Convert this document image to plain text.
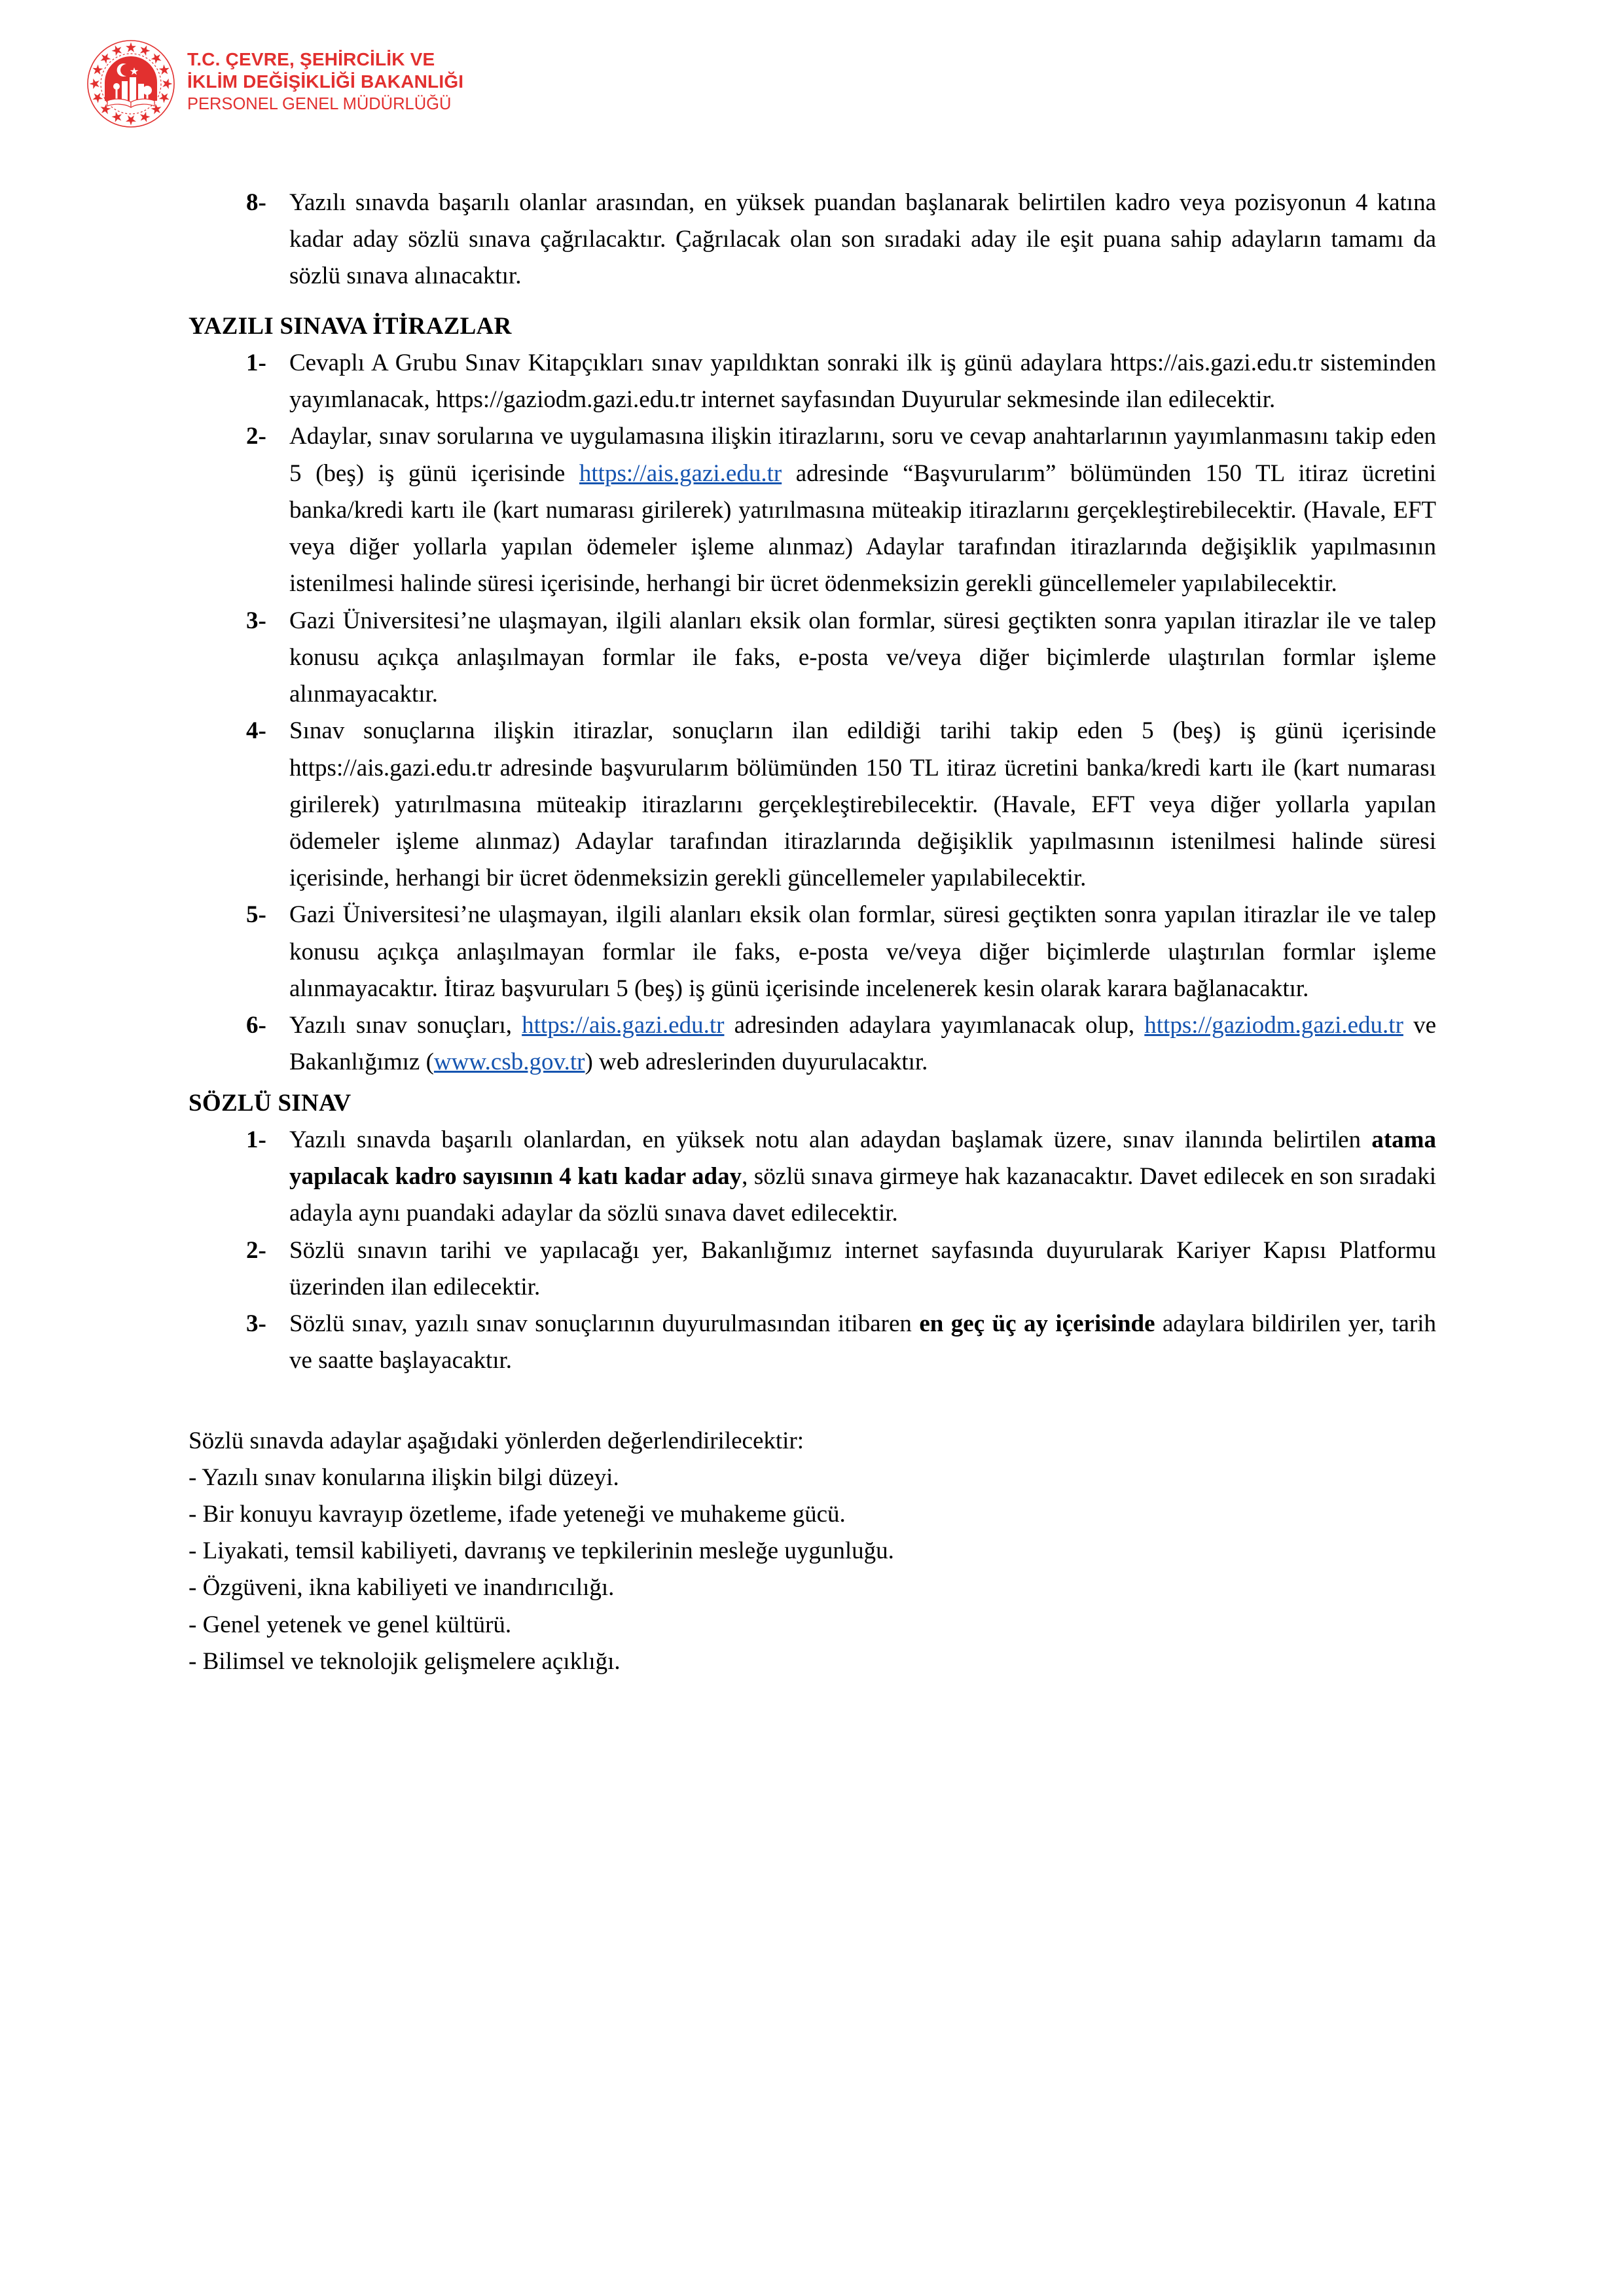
T.C. ÇEVRE, ŞEHİRCİLİK VE
İKLİM DEĞİŞİKLİĞİ BAKANLIĞI
PERSONEL GENEL MÜDÜRLÜĞÜ
8- Yazılı sınavda başarılı olanlar arasından, en yüksek puandan başlanarak belirtilen kadro veya pozisyonun 4 katına kadar aday sözlü sınava çağrılacaktır. Çağrılacak olan son sıradaki aday ile eşit puana sahip adayların tamamı da sözlü sınava alınacaktır.
YAZILI SINAVA İTİRAZLAR
1- Cevaplı A Grubu Sınav Kitapçıkları sınav yapıldıktan sonraki ilk iş günü adaylara https://ais.gazi.edu.tr sisteminden yayımlanacak, https://gaziodm.gazi.edu.tr internet sayfasından Duyurular sekmesinde ilan edilecektir.
2- Adaylar, sınav sorularına ve uygulamasına ilişkin itirazlarını, soru ve cevap anahtarlarının yayımlanmasını takip eden 5 (beş) iş günü içerisinde https://ais.gazi.edu.tr adresinde “Başvurularım” bölümünden 150 TL itiraz ücretini banka/kredi kartı ile (kart numarası girilerek) yatırılmasına müteakip itirazlarını gerçekleştirebilecektir. (Havale, EFT veya diğer yollarla yapılan ödemeler işleme alınmaz) Adaylar tarafından itirazlarında değişiklik yapılmasının istenilmesi halinde süresi içerisinde, herhangi bir ücret ödenmeksizin gerekli güncellemeler yapılabilecektir.
3- Gazi Üniversitesi’ne ulaşmayan, ilgili alanları eksik olan formlar, süresi geçtikten sonra yapılan itirazlar ile ve talep konusu açıkça anlaşılmayan formlar ile faks, e-posta ve/veya diğer biçimlerde ulaştırılan formlar işleme alınmayacaktır.
4- Sınav sonuçlarına ilişkin itirazlar, sonuçların ilan edildiği tarihi takip eden 5 (beş) iş günü içerisinde https://ais.gazi.edu.tr adresinde başvurularım bölümünden 150 TL itiraz ücretini banka/kredi kartı ile (kart numarası girilerek) yatırılmasına müteakip itirazlarını gerçekleştirebilecektir. (Havale, EFT veya diğer yollarla yapılan ödemeler işleme alınmaz) Adaylar tarafından itirazlarında değişiklik yapılmasının istenilmesi halinde süresi içerisinde, herhangi bir ücret ödenmeksizin gerekli güncellemeler yapılabilecektir.
5- Gazi Üniversitesi’ne ulaşmayan, ilgili alanları eksik olan formlar, süresi geçtikten sonra yapılan itirazlar ile ve talep konusu açıkça anlaşılmayan formlar ile faks, e-posta ve/veya diğer biçimlerde ulaştırılan formlar işleme alınmayacaktır. İtiraz başvuruları 5 (beş) iş günü içerisinde incelenerek kesin olarak karara bağlanacaktır.
6- Yazılı sınav sonuçları, https://ais.gazi.edu.tr adresinden adaylara yayımlanacak olup, https://gaziodm.gazi.edu.tr ve Bakanlığımız (www.csb.gov.tr) web adreslerinden duyurulacaktır.
SÖZLÜ SINAV
1- Yazılı sınavda başarılı olanlardan, en yüksek notu alan adaydan başlamak üzere, sınav ilanında belirtilen atama yapılacak kadro sayısının 4 katı kadar aday, sözlü sınava girmeye hak kazanacaktır. Davet edilecek en son sıradaki adayla aynı puandaki adaylar da sözlü sınava davet edilecektir.
2- Sözlü sınavın tarihi ve yapılacağı yer, Bakanlığımız internet sayfasında duyurularak Kariyer Kapısı Platformu üzerinden ilan edilecektir.
3- Sözlü sınav, yazılı sınav sonuçlarının duyurulmasından itibaren en geç üç ay içerisinde adaylara bildirilen yer, tarih ve saatte başlayacaktır.
Sözlü sınavda adaylar aşağıdaki yönlerden değerlendirilecektir:
- Yazılı sınav konularına ilişkin bilgi düzeyi.
- Bir konuyu kavrayıp özetleme, ifade yeteneği ve muhakeme gücü.
- Liyakati, temsil kabiliyeti, davranış ve tepkilerinin mesleğe uygunluğu.
- Özgüveni, ikna kabiliyeti ve inandırıcılığı.
- Genel yetenek ve genel kültürü.
- Bilimsel ve teknolojik gelişmelere açıklığı.
